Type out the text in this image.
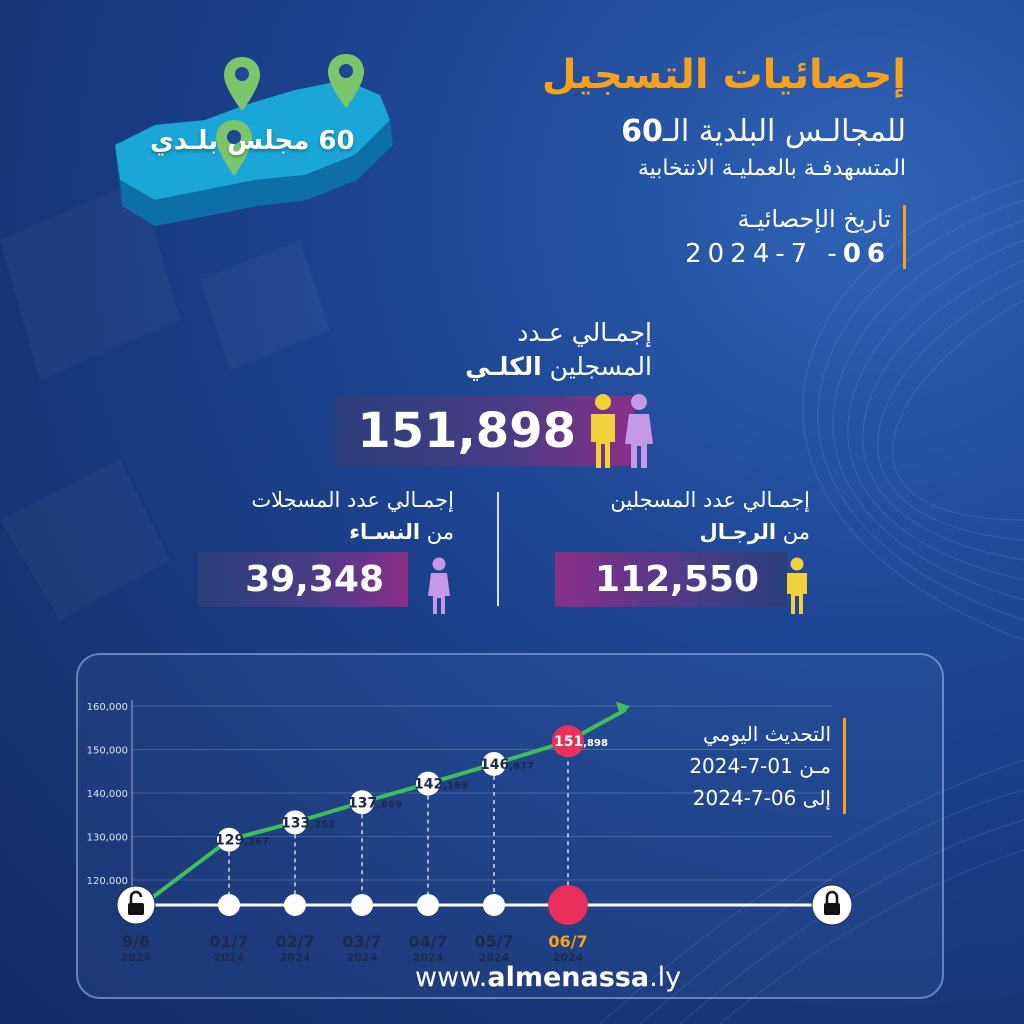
60 مجلس بلـدي
إحصائيات التسجيل
للمجالـس البلدية الـ60
المتسهدفـة بالعمليـة الانتخابية
تاريخ الإحصائيـة
2024-7 -06
إجمـالي عـدد
المسجلين الكلـي
151,898
إجمـالي عدد المسجلين
من الرجـال
112,550
إجمـالي عدد المسجلات
من النسـاء
39,348
التحديث اليومي
مـن 01-7-2024
إلى 06-7-2024
120,000
130,000
140,000
150,000
160,000
9/6
2024
129,267
01/7
2024
133,252
02/7
2024
137,869
03/7
2024
142,169
04/7
2024
146,677
05/7
2024
151,898
06/7
2024
www.almenassa.ly
